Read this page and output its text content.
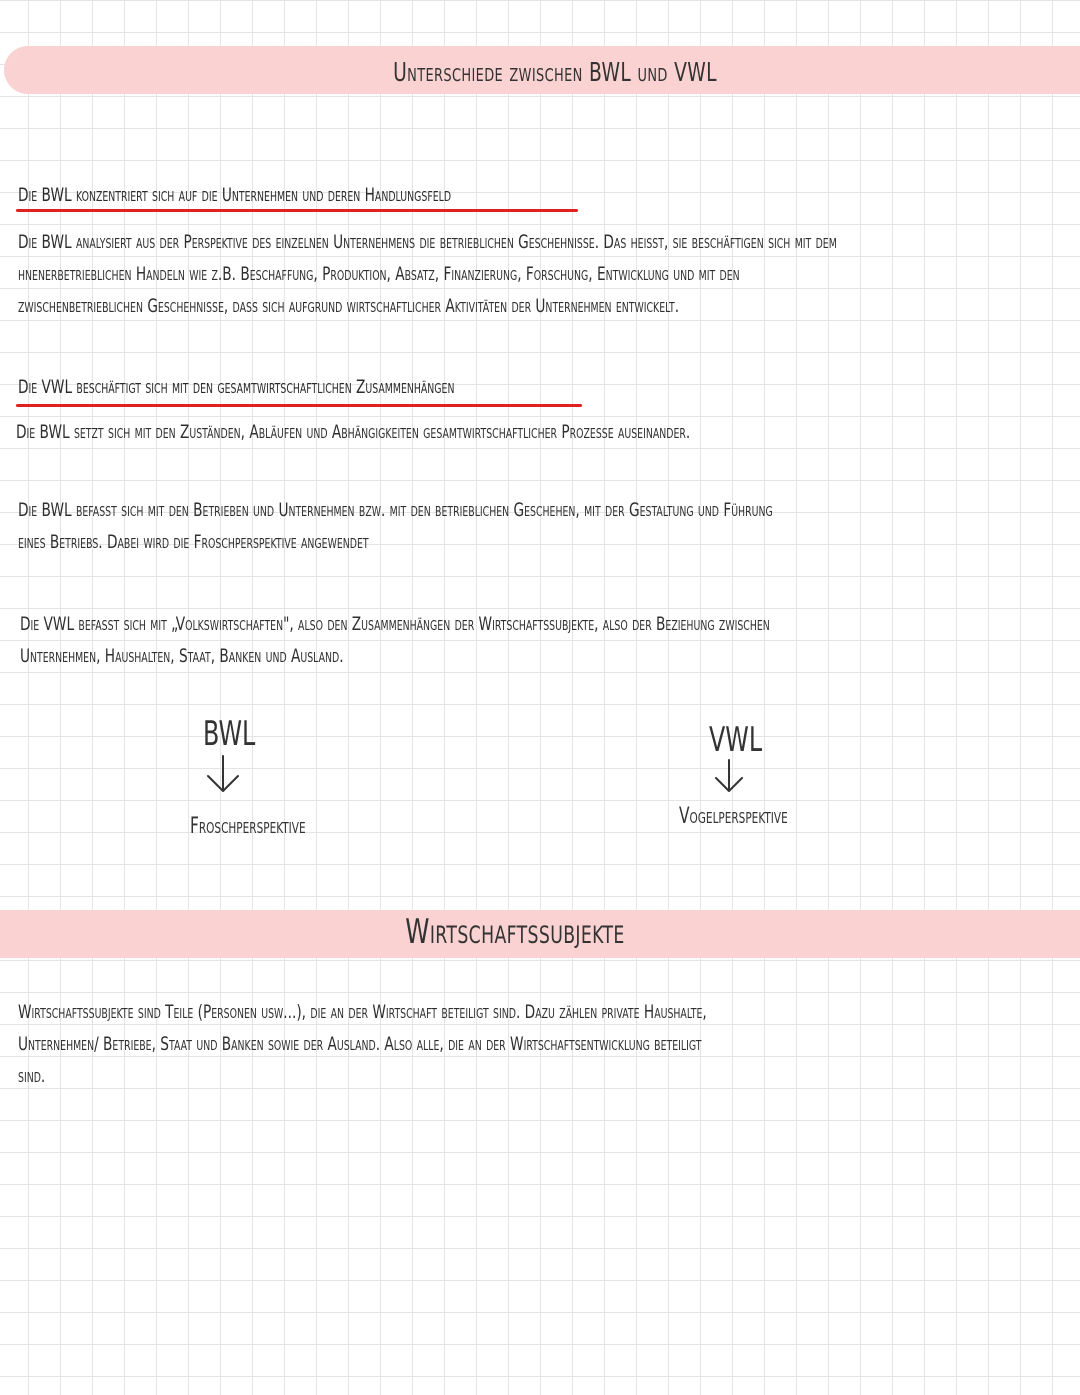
Unterschiede zwischen BWL und VWL
Die BWL konzentriert sich auf die Unternehmen und deren Handlungsfeld

Die BWL analysiert aus der Perspektive des einzelnen Unternehmens die betrieblichen Geschehnisse. Das heißt, sie beschäftigen sich mit dem

hnenerbetrieblichen Handeln wie z.B. Beschaffung, Produktion, Absatz, Finanzierung, Forschung, Entwicklung und mit den

zwischenbetrieblichen Geschehnisse, dass sich aufgrund wirtschaftlicher Aktivitäten der Unternehmen entwickelt.

Die VWL beschäftigt sich mit den gesamtwirtschaftlichen Zusammenhängen

Die BWL setzt sich mit den Zuständen, Abläufen und Abhängigkeiten gesamtwirtschaftlicher Prozesse auseinander.

Die BWL befasst sich mit den Betrieben und Unternehmen bzw. mit den betrieblichen Geschehen, mit der Gestaltung und Führung

eines Betriebs. Dabei wird die Froschperspektive angewendet

Die VWL befasst sich mit „Volkswirtschaften", also den Zusammenhängen der Wirtschaftssubjekte, also der Beziehung zwischen

Unternehmen, Haushalten, Staat, Banken und Ausland.

BWL
Froschperspektive
VWL
Vogelperspektive
Wirtschaftssubjekte

Wirtschaftssubjekte sind Teile (Personen usw...), die an der Wirtschaft beteiligt sind. Dazu zählen private Haushalte,

Unternehmen/ Betriebe, Staat und Banken sowie der Ausland. Also alle, die an der Wirtschaftsentwicklung beteiligt

sind.
